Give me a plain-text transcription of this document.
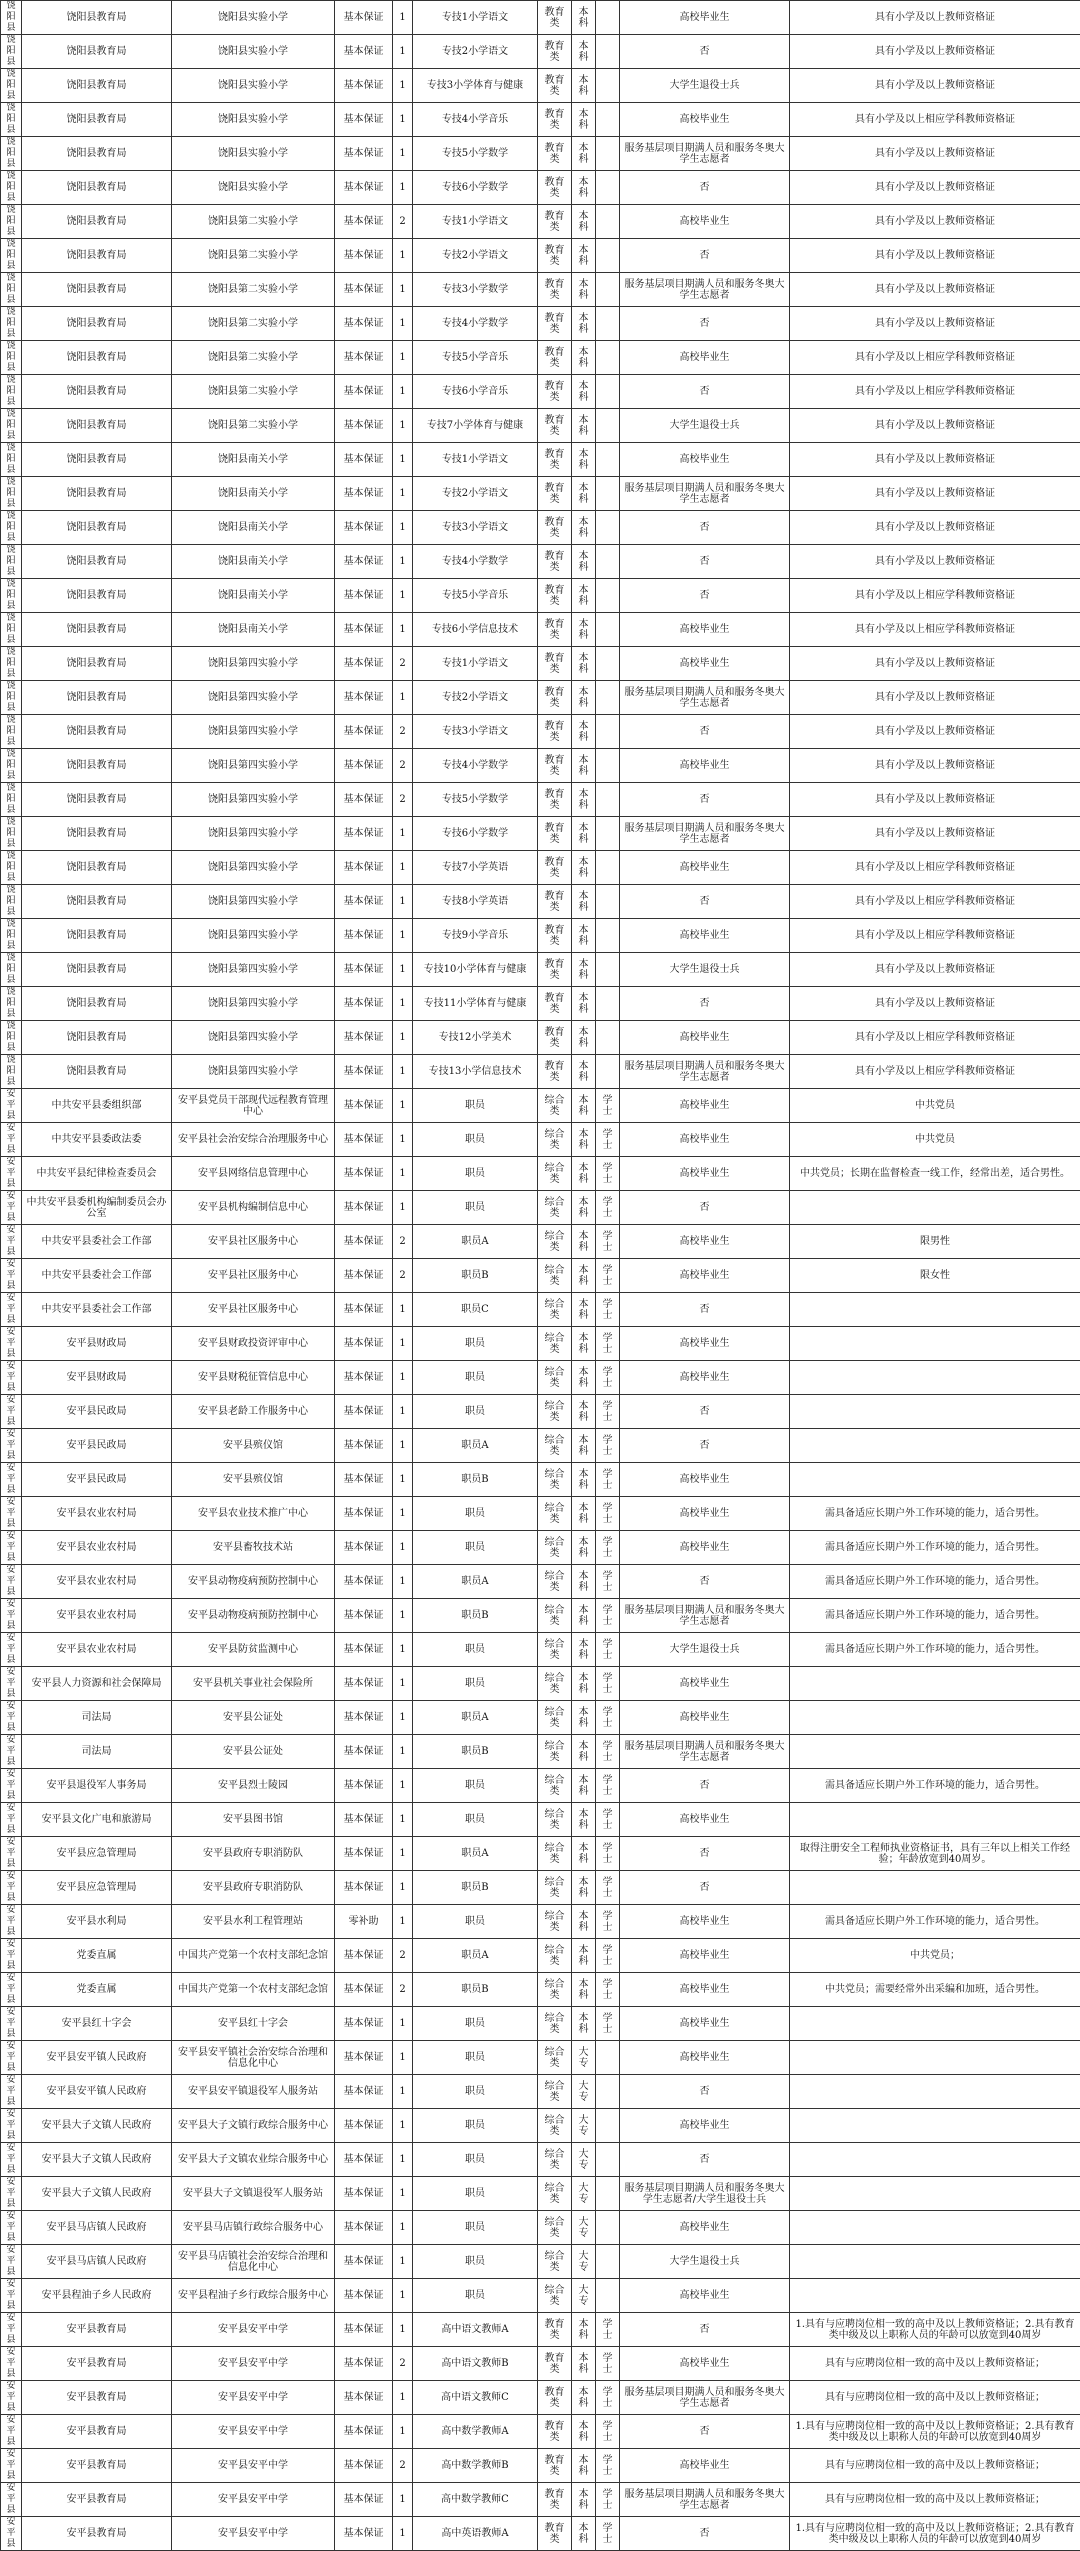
饶阳县	饶阳县教育局	饶阳县实验小学	基本保证	1	专技1小学语文	教育类	本科		高校毕业生	具有小学及以上教师资格证
饶阳县	饶阳县教育局	饶阳县实验小学	基本保证	1	专技2小学语文	教育类	本科		否	具有小学及以上教师资格证
饶阳县	饶阳县教育局	饶阳县实验小学	基本保证	1	专技3小学体育与健康	教育类	本科		大学生退役士兵	具有小学及以上教师资格证
饶阳县	饶阳县教育局	饶阳县实验小学	基本保证	1	专技4小学音乐	教育类	本科		高校毕业生	具有小学及以上相应学科教师资格证
饶阳县	饶阳县教育局	饶阳县实验小学	基本保证	1	专技5小学数学	教育类	本科		服务基层项目期满人员和服务冬奥大学生志愿者	具有小学及以上教师资格证
饶阳县	饶阳县教育局	饶阳县实验小学	基本保证	1	专技6小学数学	教育类	本科		否	具有小学及以上教师资格证
饶阳县	饶阳县教育局	饶阳县第二实验小学	基本保证	2	专技1小学语文	教育类	本科		高校毕业生	具有小学及以上教师资格证
饶阳县	饶阳县教育局	饶阳县第二实验小学	基本保证	1	专技2小学语文	教育类	本科		否	具有小学及以上教师资格证
饶阳县	饶阳县教育局	饶阳县第二实验小学	基本保证	1	专技3小学数学	教育类	本科		服务基层项目期满人员和服务冬奥大学生志愿者	具有小学及以上教师资格证
饶阳县	饶阳县教育局	饶阳县第二实验小学	基本保证	1	专技4小学数学	教育类	本科		否	具有小学及以上教师资格证
饶阳县	饶阳县教育局	饶阳县第二实验小学	基本保证	1	专技5小学音乐	教育类	本科		高校毕业生	具有小学及以上相应学科教师资格证
饶阳县	饶阳县教育局	饶阳县第二实验小学	基本保证	1	专技6小学音乐	教育类	本科		否	具有小学及以上相应学科教师资格证
饶阳县	饶阳县教育局	饶阳县第二实验小学	基本保证	1	专技7小学体育与健康	教育类	本科		大学生退役士兵	具有小学及以上教师资格证
饶阳县	饶阳县教育局	饶阳县南关小学	基本保证	1	专技1小学语文	教育类	本科		高校毕业生	具有小学及以上教师资格证
饶阳县	饶阳县教育局	饶阳县南关小学	基本保证	1	专技2小学语文	教育类	本科		服务基层项目期满人员和服务冬奥大学生志愿者	具有小学及以上教师资格证
饶阳县	饶阳县教育局	饶阳县南关小学	基本保证	1	专技3小学语文	教育类	本科		否	具有小学及以上教师资格证
饶阳县	饶阳县教育局	饶阳县南关小学	基本保证	1	专技4小学数学	教育类	本科		否	具有小学及以上教师资格证
饶阳县	饶阳县教育局	饶阳县南关小学	基本保证	1	专技5小学音乐	教育类	本科		否	具有小学及以上相应学科教师资格证
饶阳县	饶阳县教育局	饶阳县南关小学	基本保证	1	专技6小学信息技术	教育类	本科		高校毕业生	具有小学及以上相应学科教师资格证
饶阳县	饶阳县教育局	饶阳县第四实验小学	基本保证	2	专技1小学语文	教育类	本科		高校毕业生	具有小学及以上教师资格证
饶阳县	饶阳县教育局	饶阳县第四实验小学	基本保证	1	专技2小学语文	教育类	本科		服务基层项目期满人员和服务冬奥大学生志愿者	具有小学及以上教师资格证
饶阳县	饶阳县教育局	饶阳县第四实验小学	基本保证	2	专技3小学语文	教育类	本科		否	具有小学及以上教师资格证
饶阳县	饶阳县教育局	饶阳县第四实验小学	基本保证	2	专技4小学数学	教育类	本科		高校毕业生	具有小学及以上教师资格证
饶阳县	饶阳县教育局	饶阳县第四实验小学	基本保证	2	专技5小学数学	教育类	本科		否	具有小学及以上教师资格证
饶阳县	饶阳县教育局	饶阳县第四实验小学	基本保证	1	专技6小学数学	教育类	本科		服务基层项目期满人员和服务冬奥大学生志愿者	具有小学及以上教师资格证
饶阳县	饶阳县教育局	饶阳县第四实验小学	基本保证	1	专技7小学英语	教育类	本科		高校毕业生	具有小学及以上相应学科教师资格证
饶阳县	饶阳县教育局	饶阳县第四实验小学	基本保证	1	专技8小学英语	教育类	本科		否	具有小学及以上相应学科教师资格证
饶阳县	饶阳县教育局	饶阳县第四实验小学	基本保证	1	专技9小学音乐	教育类	本科		高校毕业生	具有小学及以上相应学科教师资格证
饶阳县	饶阳县教育局	饶阳县第四实验小学	基本保证	1	专技10小学体育与健康	教育类	本科		大学生退役士兵	具有小学及以上教师资格证
饶阳县	饶阳县教育局	饶阳县第四实验小学	基本保证	1	专技11小学体育与健康	教育类	本科		否	具有小学及以上教师资格证
饶阳县	饶阳县教育局	饶阳县第四实验小学	基本保证	1	专技12小学美术	教育类	本科		高校毕业生	具有小学及以上相应学科教师资格证
饶阳县	饶阳县教育局	饶阳县第四实验小学	基本保证	1	专技13小学信息技术	教育类	本科		服务基层项目期满人员和服务冬奥大学生志愿者	具有小学及以上相应学科教师资格证
安平县	中共安平县委组织部	安平县党员干部现代远程教育管理中心	基本保证	1	职员	综合类	本科	学士	高校毕业生	中共党员
安平县	中共安平县委政法委	安平县社会治安综合治理服务中心	基本保证	1	职员	综合类	本科	学士	高校毕业生	中共党员
安平县	中共安平县纪律检查委员会	安平县网络信息管理中心	基本保证	1	职员	综合类	本科	学士	高校毕业生	中共党员；长期在监督检查一线工作，经常出差，适合男性。
安平县	中共安平县委机构编制委员会办公室	安平县机构编制信息中心	基本保证	1	职员	综合类	本科	学士	否	
安平县	中共安平县委社会工作部	安平县社区服务中心	基本保证	2	职员A	综合类	本科	学士	高校毕业生	限男性
安平县	中共安平县委社会工作部	安平县社区服务中心	基本保证	2	职员B	综合类	本科	学士	高校毕业生	限女性
安平县	中共安平县委社会工作部	安平县社区服务中心	基本保证	1	职员C	综合类	本科	学士	否	
安平县	安平县财政局	安平县财政投资评审中心	基本保证	1	职员	综合类	本科	学士	高校毕业生	
安平县	安平县财政局	安平县财税征管信息中心	基本保证	1	职员	综合类	本科	学士	高校毕业生	
安平县	安平县民政局	安平县老龄工作服务中心	基本保证	1	职员	综合类	本科	学士	否	
安平县	安平县民政局	安平县殡仪馆	基本保证	1	职员A	综合类	本科	学士	否	
安平县	安平县民政局	安平县殡仪馆	基本保证	1	职员B	综合类	本科	学士	高校毕业生	
安平县	安平县农业农村局	安平县农业技术推广中心	基本保证	1	职员	综合类	本科	学士	高校毕业生	需具备适应长期户外工作环境的能力，适合男性。
安平县	安平县农业农村局	安平县畜牧技术站	基本保证	1	职员	综合类	本科	学士	高校毕业生	需具备适应长期户外工作环境的能力，适合男性。
安平县	安平县农业农村局	安平县动物疫病预防控制中心	基本保证	1	职员A	综合类	本科	学士	否	需具备适应长期户外工作环境的能力，适合男性。
安平县	安平县农业农村局	安平县动物疫病预防控制中心	基本保证	1	职员B	综合类	本科	学士	服务基层项目期满人员和服务冬奥大学生志愿者	需具备适应长期户外工作环境的能力，适合男性。
安平县	安平县农业农村局	安平县防贫监测中心	基本保证	1	职员	综合类	本科	学士	大学生退役士兵	需具备适应长期户外工作环境的能力，适合男性。
安平县	安平县人力资源和社会保障局	安平县机关事业社会保险所	基本保证	1	职员	综合类	本科	学士	高校毕业生	
安平县	司法局	安平县公证处	基本保证	1	职员A	综合类	本科	学士	高校毕业生	
安平县	司法局	安平县公证处	基本保证	1	职员B	综合类	本科	学士	服务基层项目期满人员和服务冬奥大学生志愿者	
安平县	安平县退役军人事务局	安平县烈士陵园	基本保证	1	职员	综合类	本科	学士	否	需具备适应长期户外工作环境的能力，适合男性。
安平县	安平县文化广电和旅游局	安平县图书馆	基本保证	1	职员	综合类	本科	学士	高校毕业生	
安平县	安平县应急管理局	安平县政府专职消防队	基本保证	1	职员A	综合类	本科	学士	否	取得注册安全工程师执业资格证书，具有三年以上相关工作经验；年龄放宽到40周岁。
安平县	安平县应急管理局	安平县政府专职消防队	基本保证	1	职员B	综合类	本科	学士	否	
安平县	安平县水利局	安平县水利工程管理站	零补助	1	职员	综合类	本科	学士	高校毕业生	需具备适应长期户外工作环境的能力，适合男性。
安平县	党委直属	中国共产党第一个农村支部纪念馆	基本保证	2	职员A	综合类	本科	学士	高校毕业生	中共党员；
安平县	党委直属	中国共产党第一个农村支部纪念馆	基本保证	2	职员B	综合类	本科	学士	高校毕业生	中共党员；需要经常外出采编和加班，适合男性。
安平县	安平县红十字会	安平县红十字会	基本保证	1	职员	综合类	本科	学士	高校毕业生	
安平县	安平县安平镇人民政府	安平县安平镇社会治安综合治理和信息化中心	基本保证	1	职员	综合类	大专		高校毕业生	
安平县	安平县安平镇人民政府	安平县安平镇退役军人服务站	基本保证	1	职员	综合类	大专		否	
安平县	安平县大子文镇人民政府	安平县大子文镇行政综合服务中心	基本保证	1	职员	综合类	大专		高校毕业生	
安平县	安平县大子文镇人民政府	安平县大子文镇农业综合服务中心	基本保证	1	职员	综合类	大专		否	
安平县	安平县大子文镇人民政府	安平县大子文镇退役军人服务站	基本保证	1	职员	综合类	大专		服务基层项目期满人员和服务冬奥大学生志愿者/大学生退役士兵	
安平县	安平县马店镇人民政府	安平县马店镇行政综合服务中心	基本保证	1	职员	综合类	大专		高校毕业生	
安平县	安平县马店镇人民政府	安平县马店镇社会治安综合治理和信息化中心	基本保证	1	职员	综合类	大专		大学生退役士兵	
安平县	安平县程油子乡人民政府	安平县程油子乡行政综合服务中心	基本保证	1	职员	综合类	大专		高校毕业生	
安平县	安平县教育局	安平县安平中学	基本保证	1	高中语文教师A	教育类	本科	学士	否	1.具有与应聘岗位相一致的高中及以上教师资格证；2.具有教育类中级及以上职称人员的年龄可以放宽到40周岁
安平县	安平县教育局	安平县安平中学	基本保证	2	高中语文教师B	教育类	本科	学士	高校毕业生	具有与应聘岗位相一致的高中及以上教师资格证；
安平县	安平县教育局	安平县安平中学	基本保证	1	高中语文教师C	教育类	本科	学士	服务基层项目期满人员和服务冬奥大学生志愿者	具有与应聘岗位相一致的高中及以上教师资格证；
安平县	安平县教育局	安平县安平中学	基本保证	1	高中数学教师A	教育类	本科	学士	否	1.具有与应聘岗位相一致的高中及以上教师资格证；2.具有教育类中级及以上职称人员的年龄可以放宽到40周岁
安平县	安平县教育局	安平县安平中学	基本保证	2	高中数学教师B	教育类	本科	学士	高校毕业生	具有与应聘岗位相一致的高中及以上教师资格证；
安平县	安平县教育局	安平县安平中学	基本保证	1	高中数学教师C	教育类	本科	学士	服务基层项目期满人员和服务冬奥大学生志愿者	具有与应聘岗位相一致的高中及以上教师资格证；
安平县	安平县教育局	安平县安平中学	基本保证	1	高中英语教师A	教育类	本科	学士	否	1.具有与应聘岗位相一致的高中及以上教师资格证；2.具有教育类中级及以上职称人员的年龄可以放宽到40周岁
